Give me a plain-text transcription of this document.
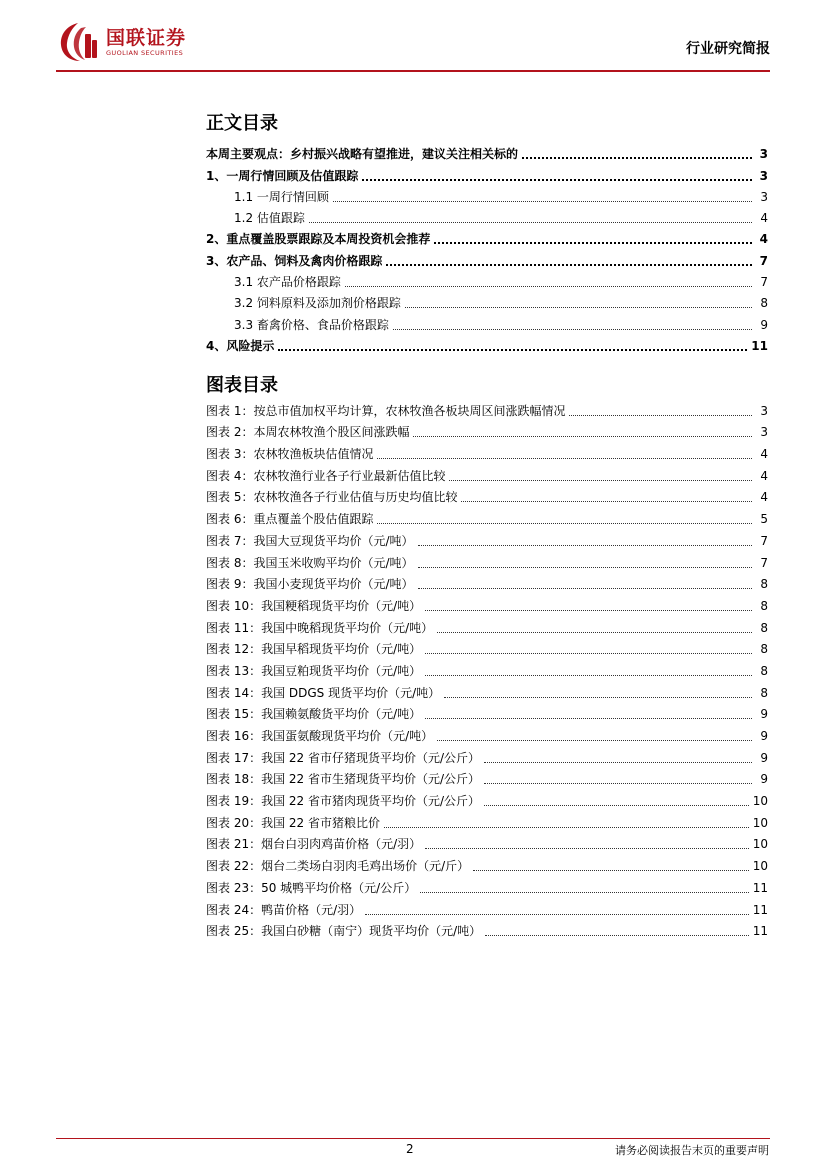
国联证券
GUOLIAN SECURITIES	行业研究简报
正文目录
本周主要观点：乡村振兴战略有望推进，建议关注相关标的	3
1、一周行情回顾及估值跟踪	3
1.1 一周行情回顾	3
1.2 估值跟踪	4
2、重点覆盖股票跟踪及本周投资机会推荐	4
3、农产品、饲料及禽肉价格跟踪	7
3.1 农产品价格跟踪	7
3.2 饲料原料及添加剂价格跟踪	8
3.3 畜禽价格、食品价格跟踪	9
4、风险提示	11
图表目录
图表 1：按总市值加权平均计算，农林牧渔各板块周区间涨跌幅情况	3
图表 2：本周农林牧渔个股区间涨跌幅	3
图表 3：农林牧渔板块估值情况	4
图表 4：农林牧渔行业各子行业最新估值比较	4
图表 5：农林牧渔各子行业估值与历史均值比较	4
图表 6：重点覆盖个股估值跟踪	5
图表 7：我国大豆现货平均价（元/吨）	7
图表 8：我国玉米收购平均价（元/吨）	7
图表 9：我国小麦现货平均价（元/吨）	8
图表 10：我国粳稻现货平均价（元/吨）	8
图表 11：我国中晚稻现货平均价（元/吨）	8
图表 12：我国早稻现货平均价（元/吨）	8
图表 13：我国豆粕现货平均价（元/吨）	8
图表 14：我国 DDGS 现货平均价（元/吨）	8
图表 15：我国赖氨酸货平均价（元/吨）	9
图表 16：我国蛋氨酸现货平均价（元/吨）	9
图表 17：我国 22 省市仔猪现货平均价（元/公斤）	9
图表 18：我国 22 省市生猪现货平均价（元/公斤）	9
图表 19：我国 22 省市猪肉现货平均价（元/公斤）	10
图表 20：我国 22 省市猪粮比价	10
图表 21：烟台白羽肉鸡苗价格（元/羽）	10
图表 22：烟台二类场白羽肉毛鸡出场价（元/斤）	10
图表 23：50 城鸭平均价格（元/公斤）	11
图表 24：鸭苗价格（元/羽）	11
图表 25：我国白砂糖（南宁）现货平均价（元/吨）	11
2	请务必阅读报告末页的重要声明
